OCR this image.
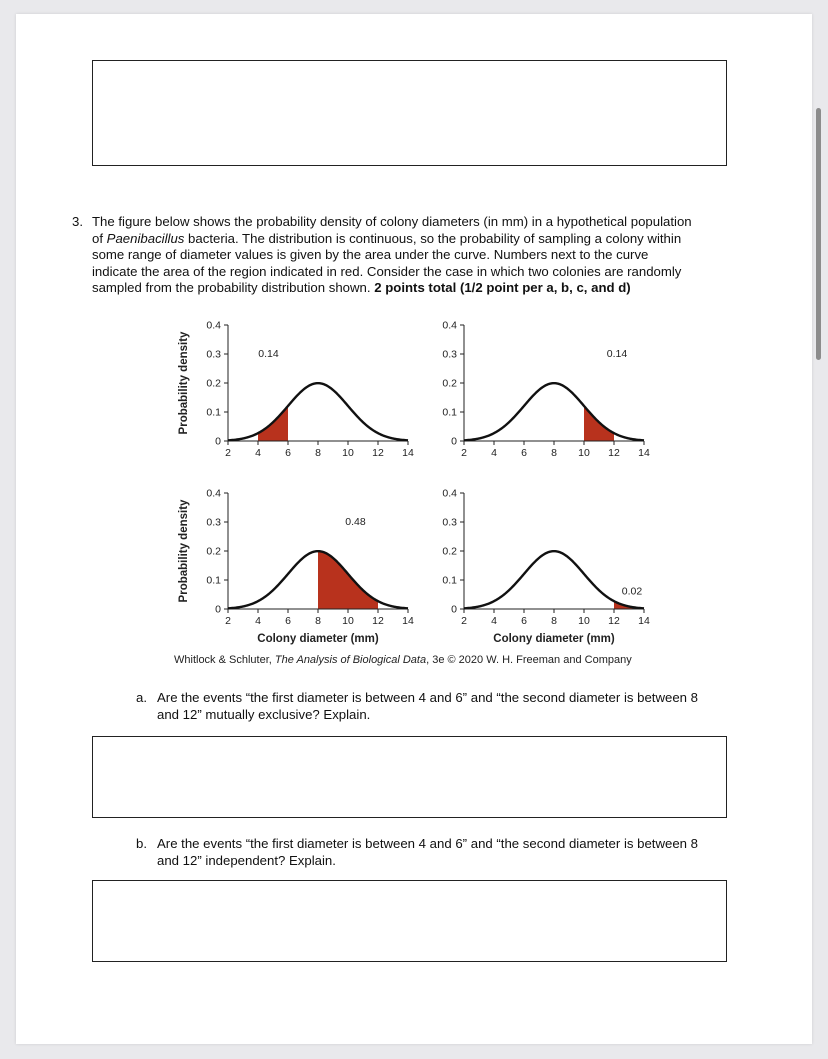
3. The figure below shows the probability density of colony diameters (in mm) in a hypothetical population
of Paenibacillus bacteria. The distribution is continuous, so the probability of sampling a colony within
some range of diameter values is given by the area under the curve. Numbers next to the curve
indicate the area of the region indicated in red. Consider the case in which two colonies are randomly
sampled from the probability distribution shown. 2 points total (1/2 point per a, b, c, and d)
0
0.1
0.2
0.3
0.4
2 4 6 8 10 12 14
0.14
0
0.1
0.2
0.3
0.4
2 4 6 8 10 12 14
0.14
0
0.1
0.2
0.3
0.4
2 4 6 8 10 12 14
0.48
0
0.1
0.2
0.3
0.4
2 4 6 8 10 12 14
0.02
Probability density
Probability density
Colony diameter (mm)	Colony diameter (mm)
Whitlock & Schluter, The Analysis of Biological Data, 3e © 2020 W. H. Freeman and Company
a. Are the events “the first diameter is between 4 and 6” and “the second diameter is between 8
and 12” mutually exclusive? Explain.
b. Are the events “the first diameter is between 4 and 6” and “the second diameter is between 8
and 12” independent? Explain.
